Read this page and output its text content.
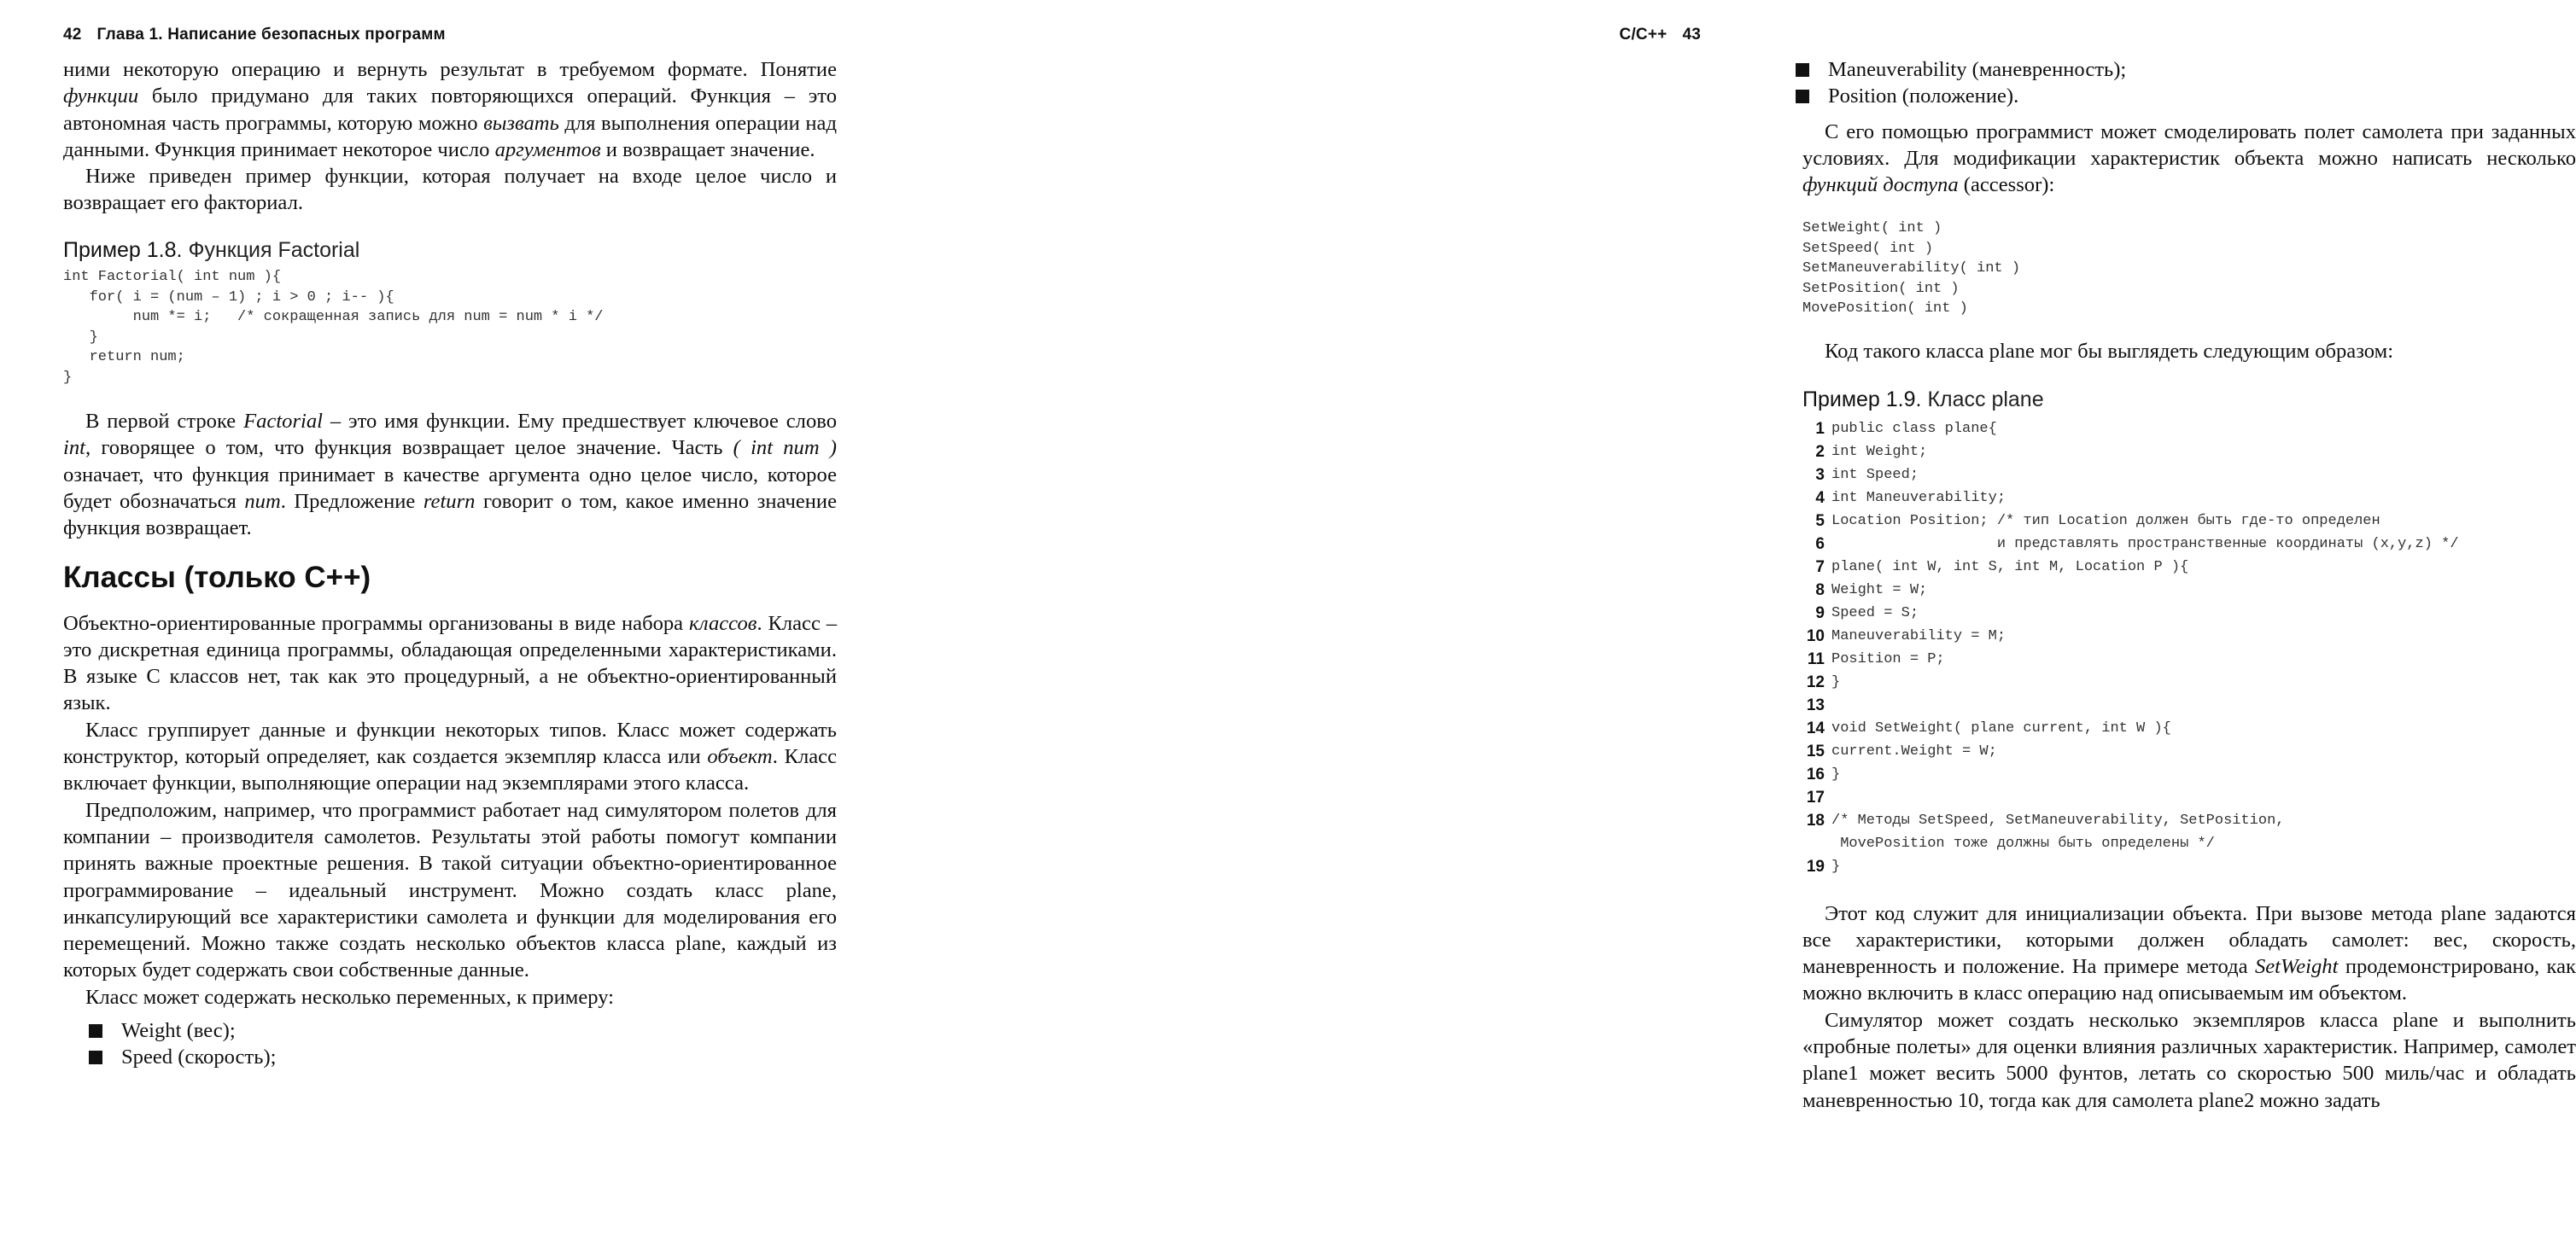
42 Глава 1. Написание безопасных программ

ними некоторую операцию и вернуть результат в требуемом формате. Понятие функции было придумано для таких повторяющихся операций. Функция – это автономная часть программы, которую можно вызвать для выполнения операции над данными. Функция принимает некоторое число аргументов и возвращает значение.

Ниже приведен пример функции, которая получает на входе целое число и возвращает его факториал.

Пример 1.8. Функция Factorial
int Factorial( int num ){
for( i = (num – 1) ; i > 0 ; i-- ){
num *= i;   /* сокращенная запись для num = num * i */
}
return num;
}

В первой строке Factorial – это имя функции. Ему предшествует ключевое слово int, говорящее о том, что функция возвращает целое значение. Часть ( int num ) означает, что функция принимает в качестве аргумента одно целое число, которое будет обозначаться num. Предложение return говорит о том, какое именно значение функция возвращает.

Классы (только C++)

Объектно-ориентированные программы организованы в виде набора классов. Класс – это дискретная единица программы, обладающая определенными характеристиками. В языке C классов нет, так как это процедурный, а не объектно-ориентированный язык.

Класс группирует данные и функции некоторых типов. Класс может содержать конструктор, который определяет, как создается экземпляр класса или объект. Класс включает функции, выполняющие операции над экземплярами этого класса.

Предположим, например, что программист работает над симулятором полетов для компании – производителя самолетов. Результаты этой работы помогут компании принять важные проектные решения. В такой ситуации объектно-ориентированное программирование – идеальный инструмент. Можно создать класс plane, инкапсулирующий все характеристики самолета и функции для моделирования его перемещений. Можно также создать несколько объектов класса plane, каждый из которых будет содержать свои собственные данные.

Класс может содержать несколько переменных, к примеру:

Weight (вес);
Speed (скорость);
C/C++ 43
Maneuverability (маневренность);
Position (положение).

С его помощью программист может смоделировать полет самолета при заданных условиях. Для модификации характеристик объекта можно написать несколько функций доступа (accessor):

SetWeight( int )
SetSpeed( int )
SetManeuverability( int )
SetPosition( int )
MovePosition( int )

Код такого класса plane мог бы выглядеть следующим образом:

Пример 1.9. Класс plane
1 public class plane{
2 int Weight;
3 int Speed;
4 int Maneuverability;
5 Location Position; /* тип Location должен быть где-то определен
6 и представлять пространственные координаты (x,y,z) */
7 plane( int W, int S, int M, Location P ){
8 Weight = W;
9 Speed = S;
10 Maneuverability = M;
11 Position = P;
12 }
13

14 void SetWeight( plane current, int W ){
15 current.Weight = W;
16 }
17

18 /* Методы SetSpeed, SetManeuverability, SetPosition,
MovePosition тоже должны быть определены */
19 }

Этот код служит для инициализации объекта. При вызове метода plane задаются все характеристики, которыми должен обладать самолет: вес, скорость, маневренность и положение. На примере метода SetWeight продемонстрировано, как можно включить в класс операцию над описываемым им объектом.

Симулятор может создать несколько экземпляров класса plane и выполнить «пробные полеты» для оценки влияния различных характеристик. Например, самолет plane1 может весить 5000 фунтов, летать со скоростью 500 миль/час и обладать маневренностью 10, тогда как для самолета plane2 можно задать
